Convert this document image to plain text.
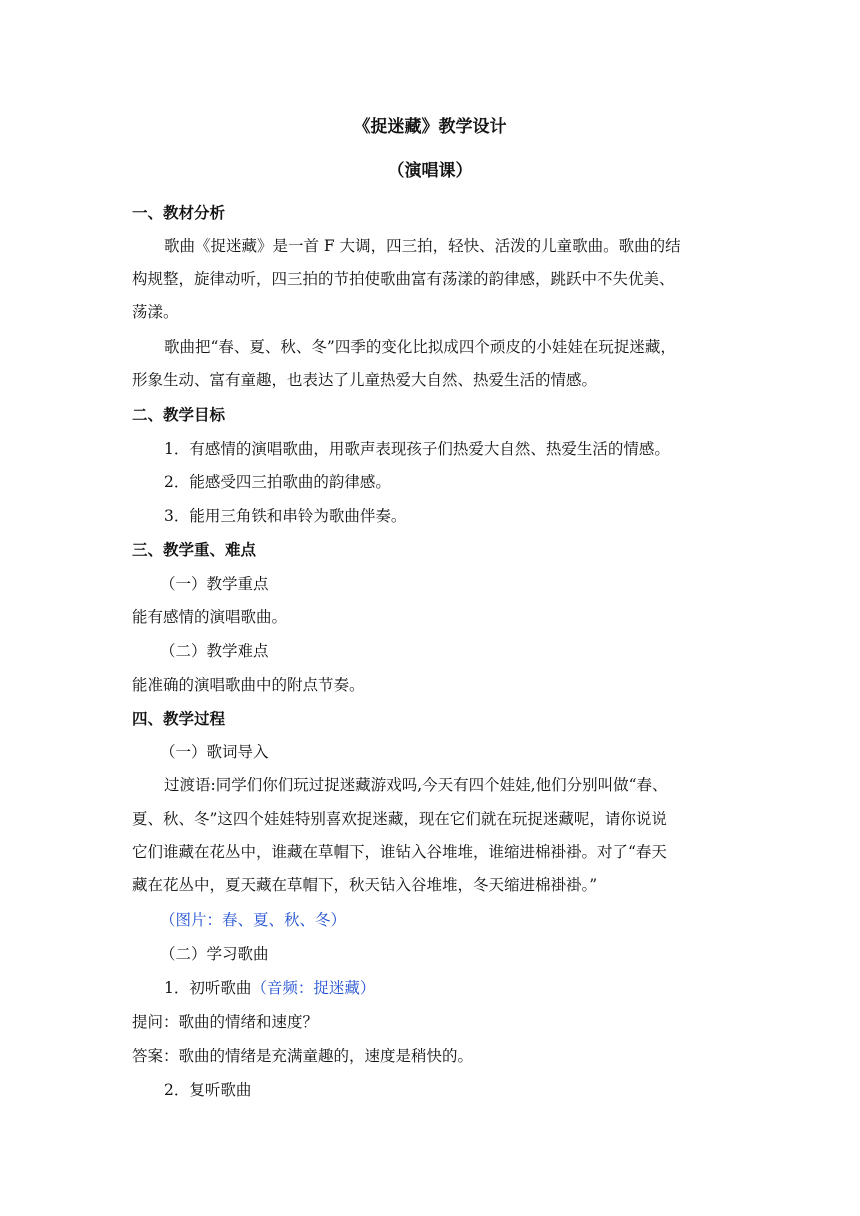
《捉迷藏》教学设计
（演唱课）
一、教材分析
歌曲《捉迷藏》是一首 F 大调，四三拍，轻快、活泼的儿童歌曲。歌曲的结
构规整，旋律动听，四三拍的节拍使歌曲富有荡漾的韵律感，跳跃中不失优美、
荡漾。
歌曲把“春、夏、秋、冬”四季的变化比拟成四个顽皮的小娃娃在玩捉迷藏，
形象生动、富有童趣，也表达了儿童热爱大自然、热爱生活的情感。
二、教学目标
1．有感情的演唱歌曲，用歌声表现孩子们热爱大自然、热爱生活的情感。
2．能感受四三拍歌曲的韵律感。
3．能用三角铁和串铃为歌曲伴奏。
三、教学重、难点
（一）教学重点
能有感情的演唱歌曲。
（二）教学难点
能准确的演唱歌曲中的附点节奏。
四、教学过程
（一）歌词导入
过渡语:同学们你们玩过捉迷藏游戏吗,今天有四个娃娃,他们分别叫做“春、
夏、秋、冬”这四个娃娃特别喜欢捉迷藏，现在它们就在玩捉迷藏呢，请你说说
它们谁藏在花丛中，谁藏在草帽下，谁钻入谷堆堆，谁缩进棉褂褂。对了“春天
藏在花丛中，夏天藏在草帽下，秋天钻入谷堆堆，冬天缩进棉褂褂。”
（图片：春、夏、秋、冬）
（二）学习歌曲
1．初听歌曲（音频：捉迷藏）
提问：歌曲的情绪和速度？
答案：歌曲的情绪是充满童趣的，速度是稍快的。
2．复听歌曲
